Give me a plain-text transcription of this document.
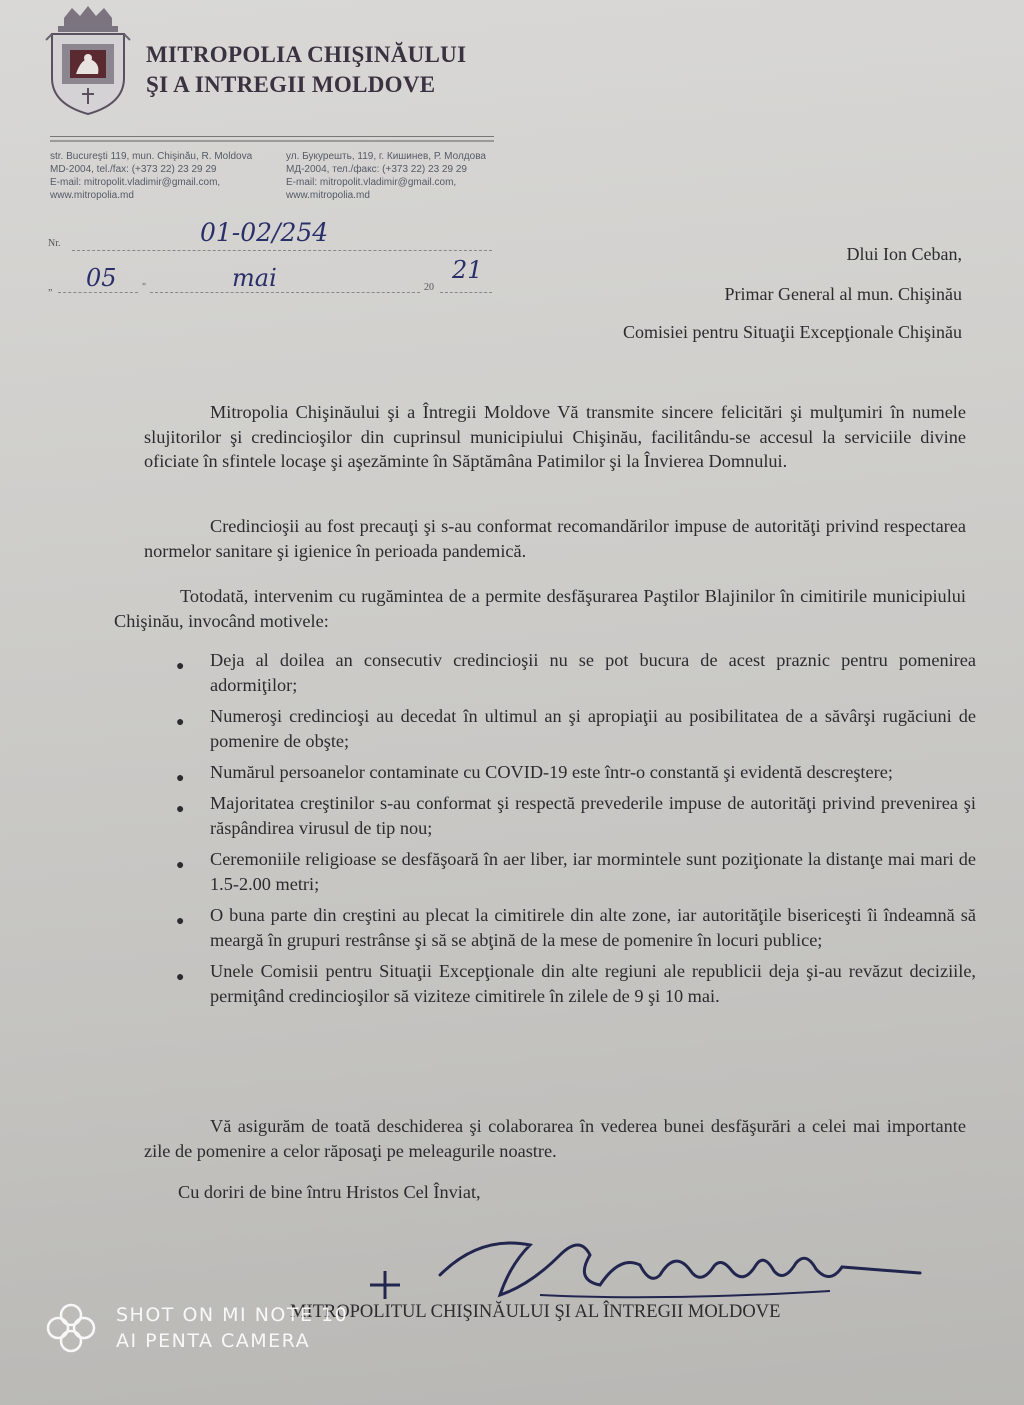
MITROPOLIA CHIŞINĂULUI
ŞI A INTREGII MOLDOVE
str. Bucureşti 119, mun. Chişinău, R. Moldova
MD-2004, tel./fax: (+373 22) 23 29 29
E-mail: mitropolit.vladimir@gmail.com,
www.mitropolia.md
ул. Букурешть, 119, г. Кишинев, Р. Молдова
МД-2004, тел./факс: (+373 22) 23 29 29
E-mail: mitropolit.vladimir@gmail.com,
www.mitropolia.md
Nr.	01-02/254
„ 05	"	mai	20
21
Dlui Ion Ceban,
Primar General al mun. Chişinău
Comisiei pentru Situaţii Excepţionale Chişinău
Mitropolia Chişinăului şi a Întregii Moldove Vă transmite sincere felicitări şi mulţumiri în numele slujitorilor şi credincioşilor din cuprinsul municipiului Chişinău, facilitându-se accesul la serviciile divine oficiate în sfintele locaşe şi aşezăminte în Săptămâna Patimilor şi la Învierea Domnului.
Credincioşii au fost precauţi şi s-au conformat recomandărilor impuse de autorităţi privind respectarea normelor sanitare şi igienice în perioada pandemică.
Totodată, intervenim cu rugămintea de a permite desfăşurarea Paştilor Blajinilor în cimitirile municipiului Chişinău, invocând motivele:
● Deja al doilea an consecutiv credincioşii nu se pot bucura de acest praznic pentru pomenirea adormiţilor;
● Numeroşi credincioşi au decedat în ultimul an şi apropiaţii au posibilitatea de a săvârşi rugăciuni de pomenire de obşte;
● Numărul persoanelor contaminate cu COVID-19 este într-o constantă şi evidentă descreştere;
● Majoritatea creştinilor s-au conformat şi respectă prevederile impuse de autorităţi privind prevenirea şi răspândirea virusul de tip nou;
● Ceremoniile religioase se desfăşoară în aer liber, iar mormintele sunt poziţionate la distanţe mai mari de 1.5-2.00 metri;
● O buna parte din creştini au plecat la cimitirele din alte zone, iar autorităţile bisericeşti îi îndeamnă să meargă în grupuri restrânse şi să se abţină de la mese de pomenire în locuri publice;
● Unele Comisii pentru Situaţii Excepţionale din alte regiuni ale republicii deja şi-au revăzut deciziile, permiţând credincioşilor să viziteze cimitirele în zilele de 9 şi 10 mai.
Vă asigurăm de toată deschiderea şi colaborarea în vederea bunei desfăşurări a celei mai importante zile de pomenire a celor răposaţi pe meleagurile noastre.
Cu doriri de bine întru Hristos Cel Înviat,
MITROPOLITUL CHIŞINĂULUI ŞI AL ÎNTREGII MOLDOVE
SHOT ON MI NOTE 10
AI PENTA CAMERA
